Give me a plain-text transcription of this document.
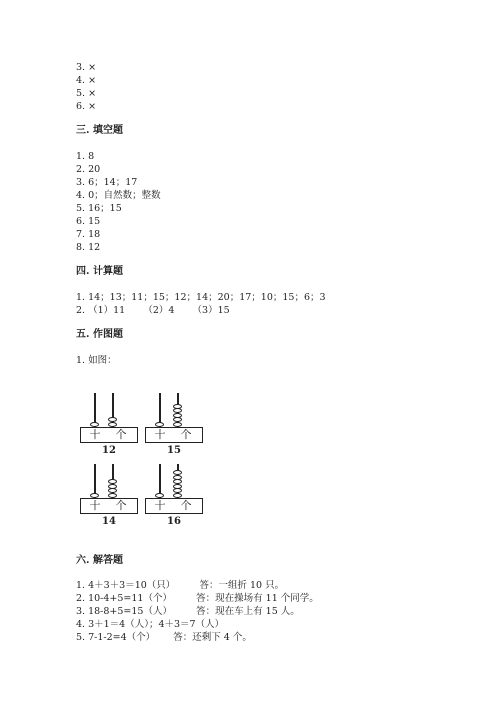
3. ×
4. ×
5. ×
6. ×
三. 填空题
1. 8
2. 20
3. 6；14；17
4. 0；自然数；整数
5. 16；15
6. 15
7. 18
8. 12
四. 计算题
1. 14；13；11；15；12；14；20；17；10；15；6；3
2. （1）11      （2）4      （3）15
五. 作图题
1. 如图：
十 个
12
十 个
15
十 个
14
十 个
16
六. 解答题
1. 4＋3＋3＝10（只）        答：一组折 10 只。
2. 10-4+5=11（个）        答：现在操场有 11 个同学。
3. 18-8+5=15（人）        答：现在车上有 15 人。
4. 3＋1＝4（人）；4＋3＝7（人）
5. 7-1-2=4（个）      答：还剩下 4 个。
